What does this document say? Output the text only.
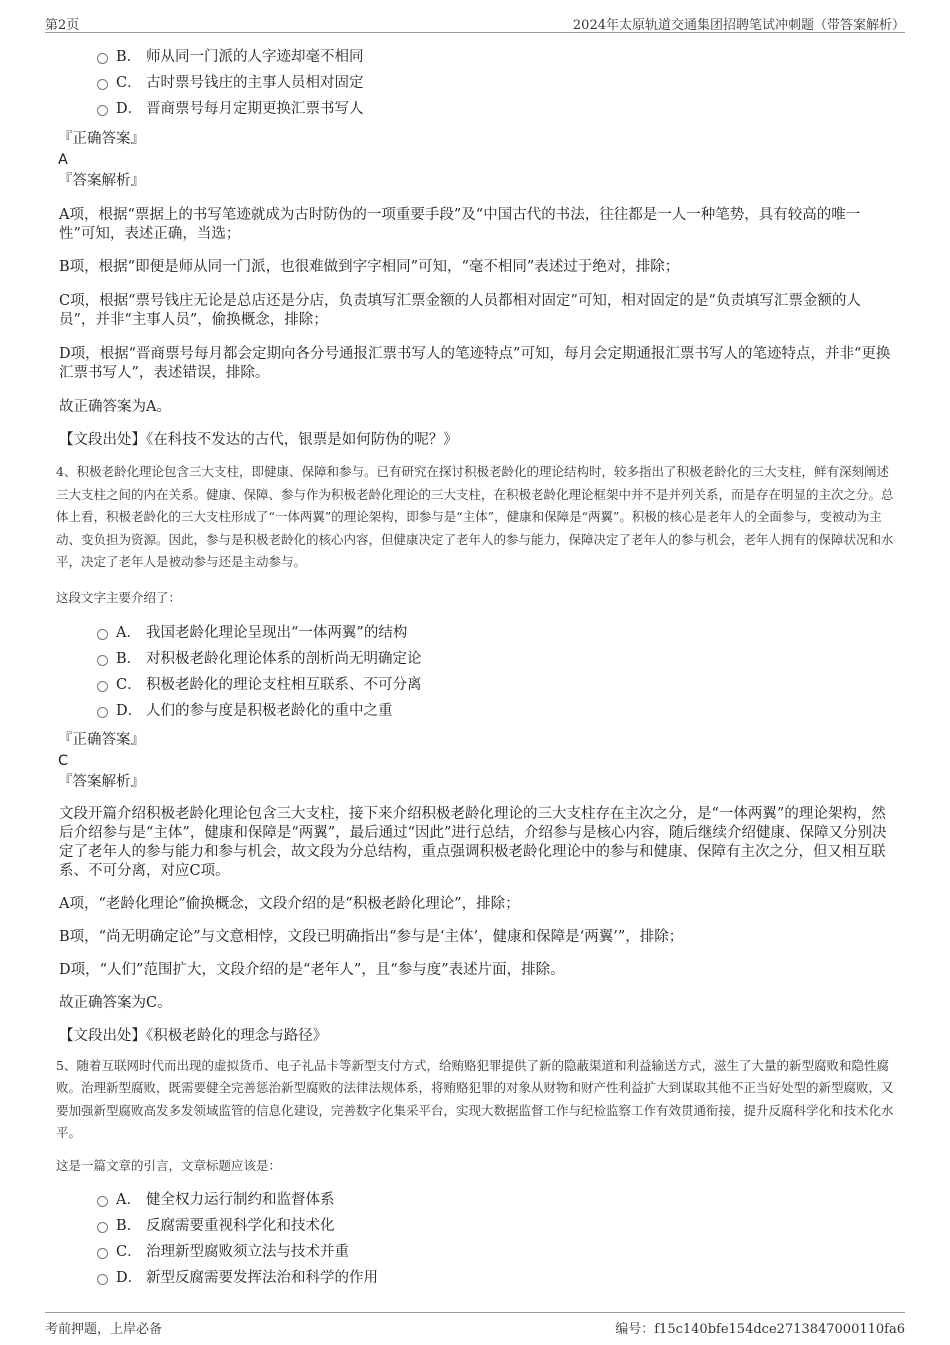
第2页	2024年太原轨道交通集团招聘笔试冲刺题（带答案解析）
B． 师从同一门派的人字迹却毫不相同
C． 古时票号钱庄的主事人员相对固定
D． 晋商票号每月定期更换汇票书写人
『正确答案』
A
『答案解析』

A项，根据“票据上的书写笔迹就成为古时防伪的一项重要手段”及“中国古代的书法，往往都是一人一种笔势，具有较高的唯一性”可知，表述正确，当选；

B项，根据“即便是师从同一门派，也很难做到字字相同”可知，“毫不相同”表述过于绝对，排除；

C项，根据“票号钱庄无论是总店还是分店，负责填写汇票金额的人员都相对固定”可知，相对固定的是“负责填写汇票金额的人员”，并非“主事人员”，偷换概念，排除；

D项，根据“晋商票号每月都会定期向各分号通报汇票书写人的笔迹特点”可知，每月会定期通报汇票书写人的笔迹特点，并非“更换汇票书写人”，表述错误，排除。

故正确答案为A。

【文段出处】《在科技不发达的古代，银票是如何防伪的呢？》

4、积极老龄化理论包含三大支柱，即健康、保障和参与。已有研究在探讨积极老龄化的理论结构时，较多指出了积极老龄化的三大支柱，鲜有深刻阐述三大支柱之间的内在关系。健康、保障、参与作为积极老龄化理论的三大支柱，在积极老龄化理论框架中并不是并列关系，而是存在明显的主次之分。总体上看，积极老龄化的三大支柱形成了“一体两翼”的理论架构，即参与是“主体”，健康和保障是“两翼”。积极的核心是老年人的全面参与，变被动为主动、变负担为资源。因此，参与是积极老龄化的核心内容，但健康决定了老年人的参与能力，保障决定了老年人的参与机会，老年人拥有的保障状况和水平，决定了老年人是被动参与还是主动参与。

这段文字主要介绍了：

A． 我国老龄化理论呈现出“一体两翼”的结构
B． 对积极老龄化理论体系的剖析尚无明确定论
C． 积极老龄化的理论支柱相互联系、不可分离
D． 人们的参与度是积极老龄化的重中之重
『正确答案』
C
『答案解析』

文段开篇介绍积极老龄化理论包含三大支柱，接下来介绍积极老龄化理论的三大支柱存在主次之分，是“一体两翼”的理论架构，然后介绍参与是“主体”，健康和保障是“两翼”，最后通过“因此”进行总结，介绍参与是核心内容，随后继续介绍健康、保障又分别决定了老年人的参与能力和参与机会，故文段为分总结构，重点强调积极老龄化理论中的参与和健康、保障有主次之分，但又相互联系、不可分离，对应C项。

A项，“老龄化理论”偷换概念，文段介绍的是“积极老龄化理论”，排除；

B项，“尚无明确定论”与文意相悖，文段已明确指出“参与是‘主体’，健康和保障是‘两翼’”，排除；

D项，“人们”范围扩大，文段介绍的是“老年人”，且“参与度”表述片面，排除。

故正确答案为C。

【文段出处】《积极老龄化的理念与路径》

5、随着互联网时代而出现的虚拟货币、电子礼品卡等新型支付方式，给贿赂犯罪提供了新的隐蔽渠道和利益输送方式，滋生了大量的新型腐败和隐性腐败。治理新型腐败，既需要健全完善惩治新型腐败的法律法规体系，将贿赂犯罪的对象从财物和财产性利益扩大到谋取其他不正当好处型的新型腐败，又要加强新型腐败高发多发领域监管的信息化建设，完善数字化集采平台，实现大数据监督工作与纪检监察工作有效贯通衔接，提升反腐科学化和技术化水平。

这是一篇文章的引言，文章标题应该是：

A． 健全权力运行制约和监督体系
B． 反腐需要重视科学化和技术化
C． 治理新型腐败须立法与技术并重
D． 新型反腐需要发挥法治和科学的作用
考前押题，上岸必备	编号：f15c140bfe154dce2713847000110fa6
